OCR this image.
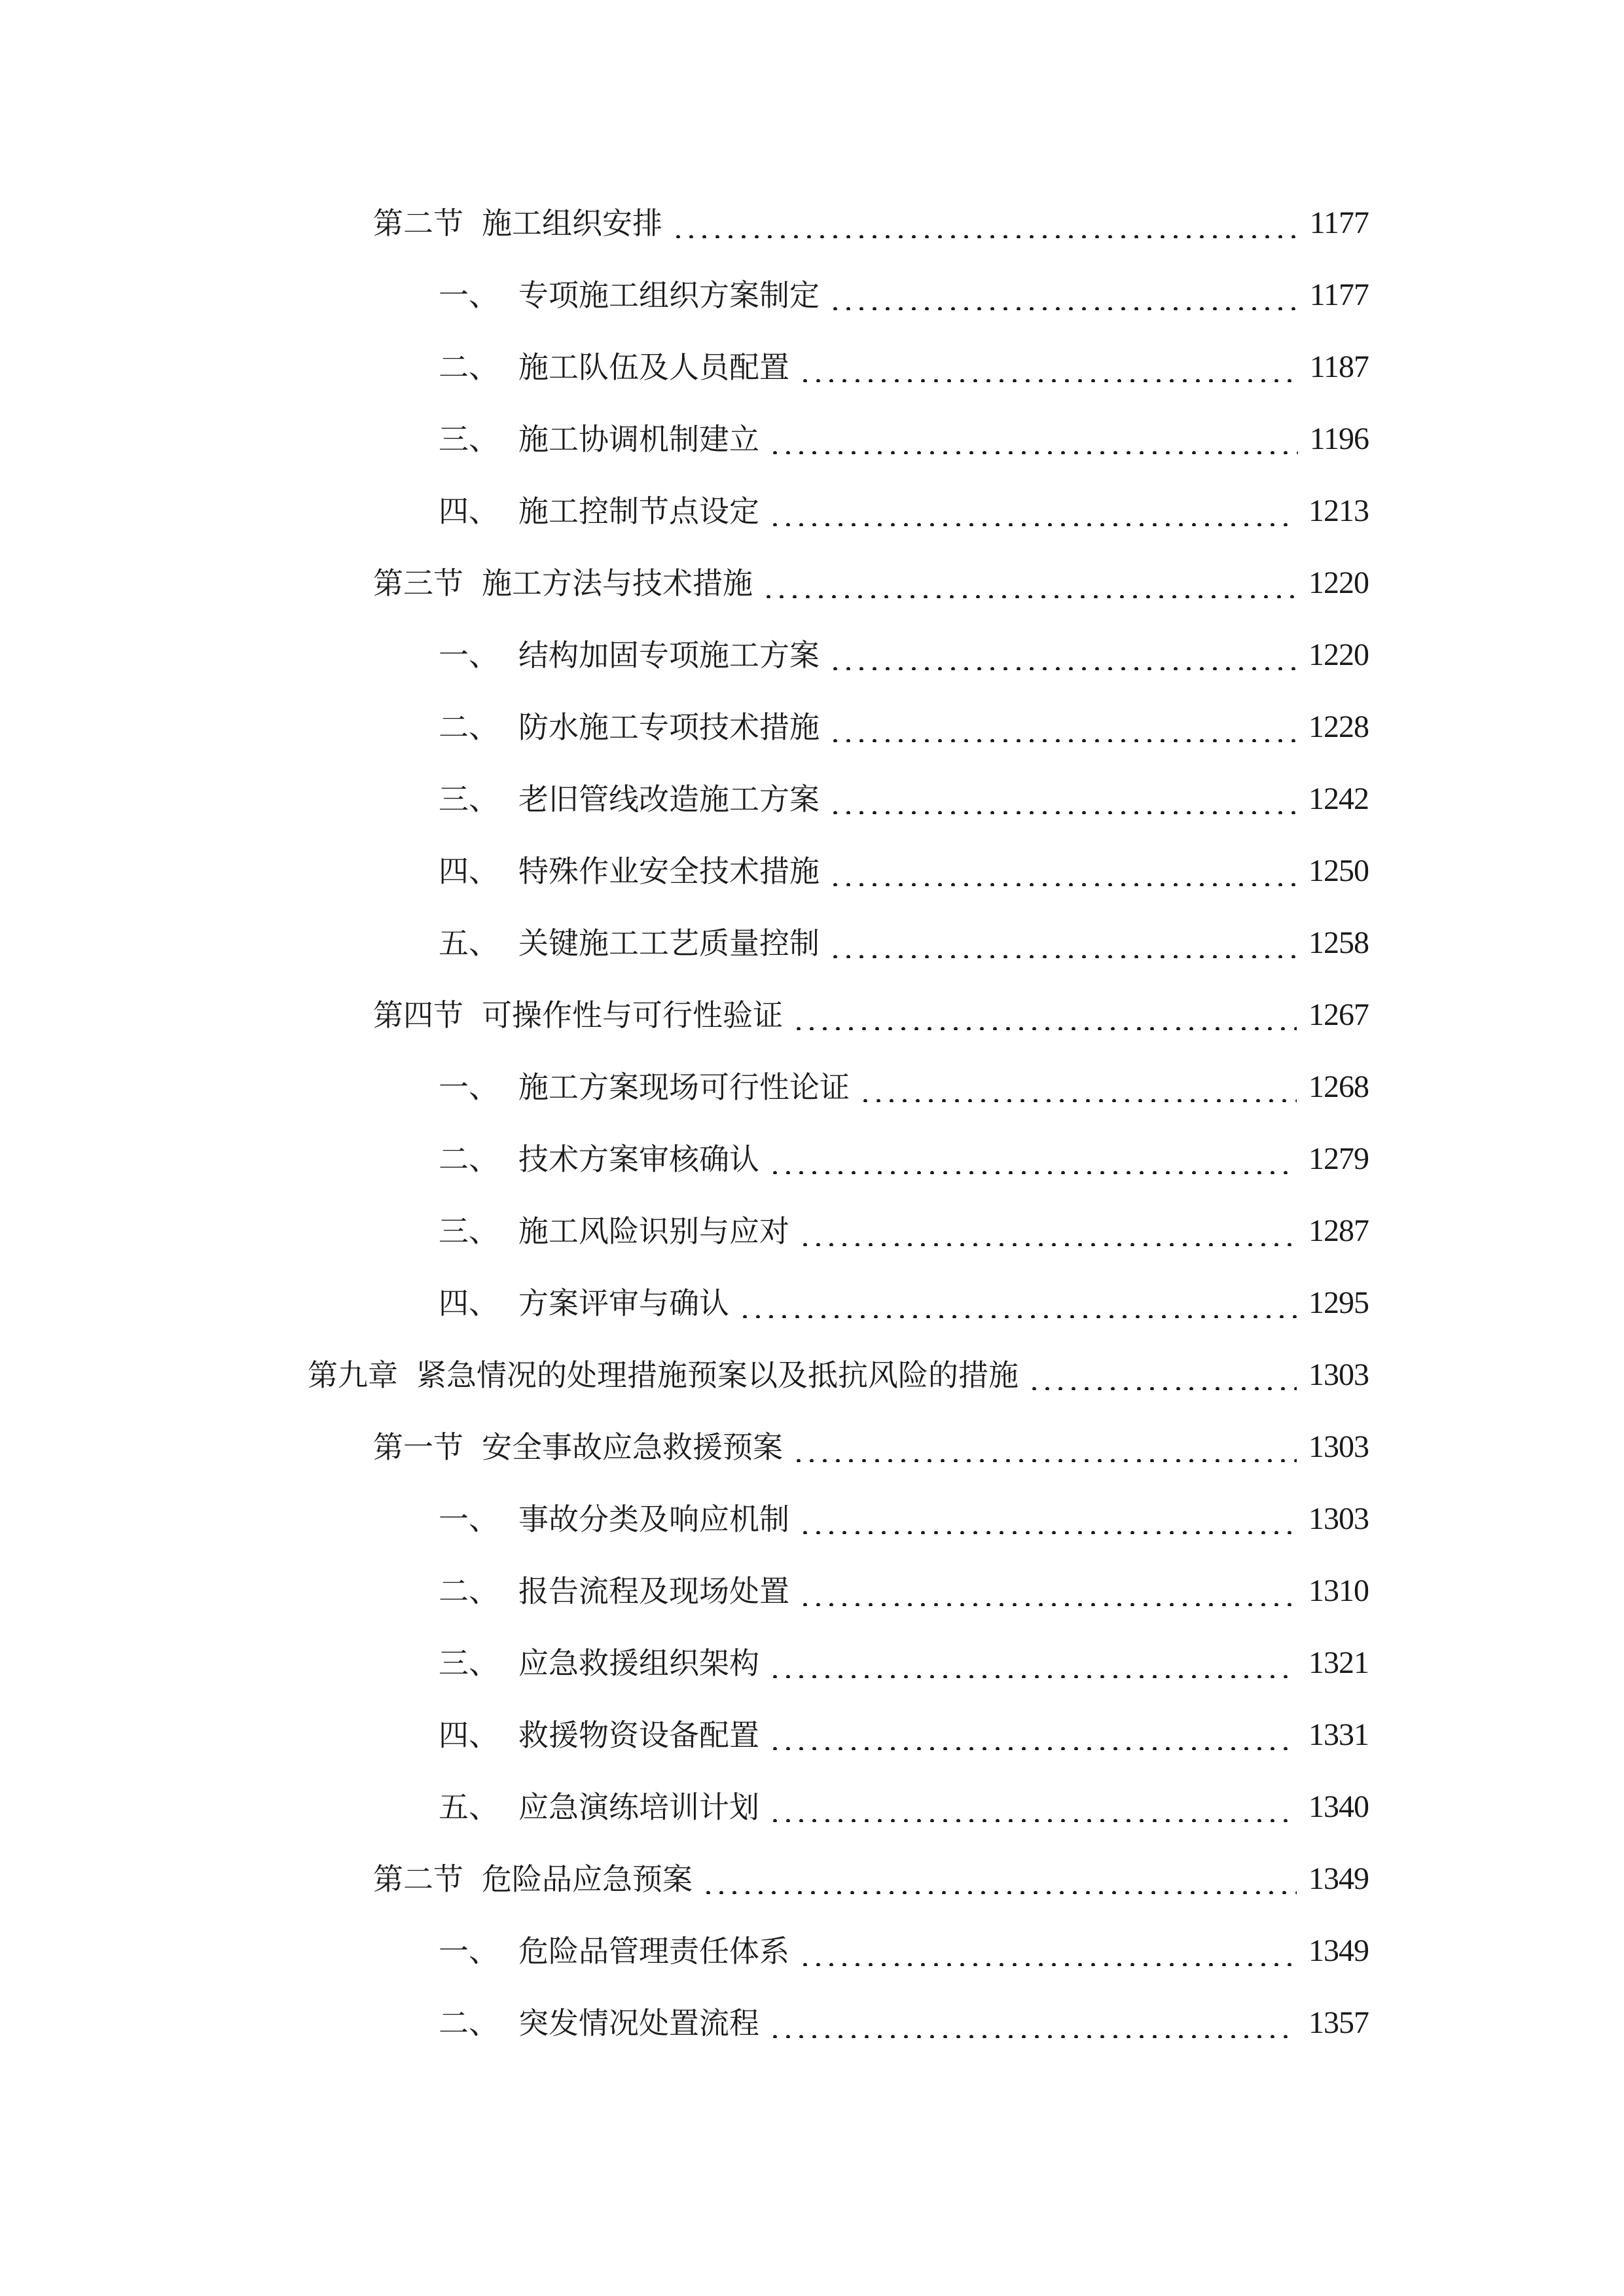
第二节 施工组织安排	1177
一、 专项施工组织方案制定	1177
二、 施工队伍及人员配置	1187
三、 施工协调机制建立	1196
四、 施工控制节点设定	1213
第三节 施工方法与技术措施	1220
一、 结构加固专项施工方案	1220
二、 防水施工专项技术措施	1228
三、 老旧管线改造施工方案	1242
四、 特殊作业安全技术措施	1250
五、 关键施工工艺质量控制	1258
第四节 可操作性与可行性验证	1267
一、 施工方案现场可行性论证	1268
二、 技术方案审核确认	1279
三、 施工风险识别与应对	1287
四、 方案评审与确认	1295
第九章 紧急情况的处理措施预案以及抵抗风险的措施	1303
第一节 安全事故应急救援预案	1303
一、 事故分类及响应机制	1303
二、 报告流程及现场处置	1310
三、 应急救援组织架构	1321
四、 救援物资设备配置	1331
五、 应急演练培训计划	1340
第二节 危险品应急预案	1349
一、 危险品管理责任体系	1349
二、 突发情况处置流程	1357
